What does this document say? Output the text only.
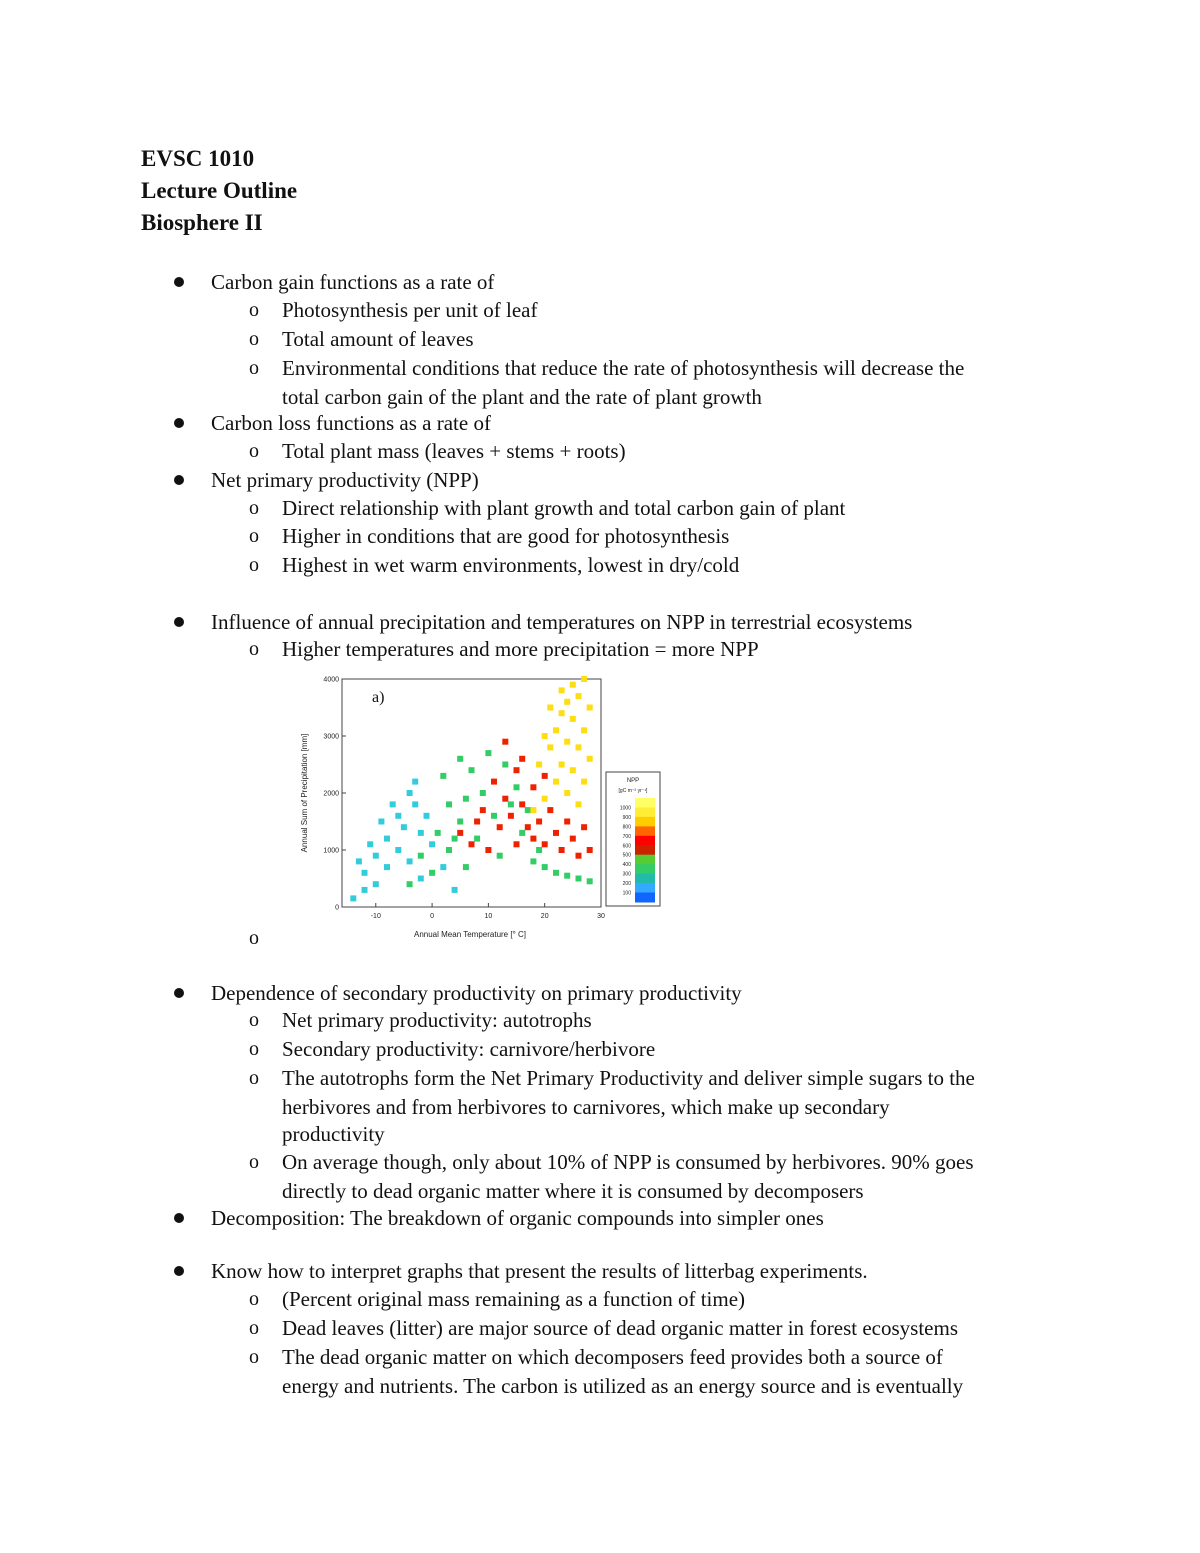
EVSC 1010
Lecture Outline
Biosphere II
Carbon gain functions as a rate of
o Photosynthesis per unit of leaf
o Total amount of leaves
o Environmental conditions that reduce the rate of photosynthesis will decrease the
total carbon gain of the plant and the rate of plant growth
Carbon loss functions as a rate of
o Total plant mass (leaves + stems + roots)
Net primary productivity (NPP)
o Direct relationship with plant growth and total carbon gain of plant
o Higher in conditions that are good for photosynthesis
o Highest in wet warm environments, lowest in dry/cold
Influence of annual precipitation and temperatures on NPP in terrestrial ecosystems
o Higher temperatures and more precipitation = more NPP
-10	0	10	20	30
0
1000
2000
3000
4000
a)
Annual Mean Temperature [° C]
Annual Sum of Precipitation [mm]	NPP
[gC m⁻² yr⁻¹]
1000
900
800
700
600
500
400
300
200
100
o
Dependence of secondary productivity on primary productivity
o Net primary productivity: autotrophs
o Secondary productivity: carnivore/herbivore
o The autotrophs form the Net Primary Productivity and deliver simple sugars to the
herbivores and from herbivores to carnivores, which make up secondary
productivity
o On average though, only about 10% of NPP is consumed by herbivores. 90% goes
directly to dead organic matter where it is consumed by decomposers
Decomposition: The breakdown of organic compounds into simpler ones
Know how to interpret graphs that present the results of litterbag experiments.
o (Percent original mass remaining as a function of time)
o Dead leaves (litter) are major source of dead organic matter in forest ecosystems
o The dead organic matter on which decomposers feed provides both a source of
energy and nutrients. The carbon is utilized as an energy source and is eventually
